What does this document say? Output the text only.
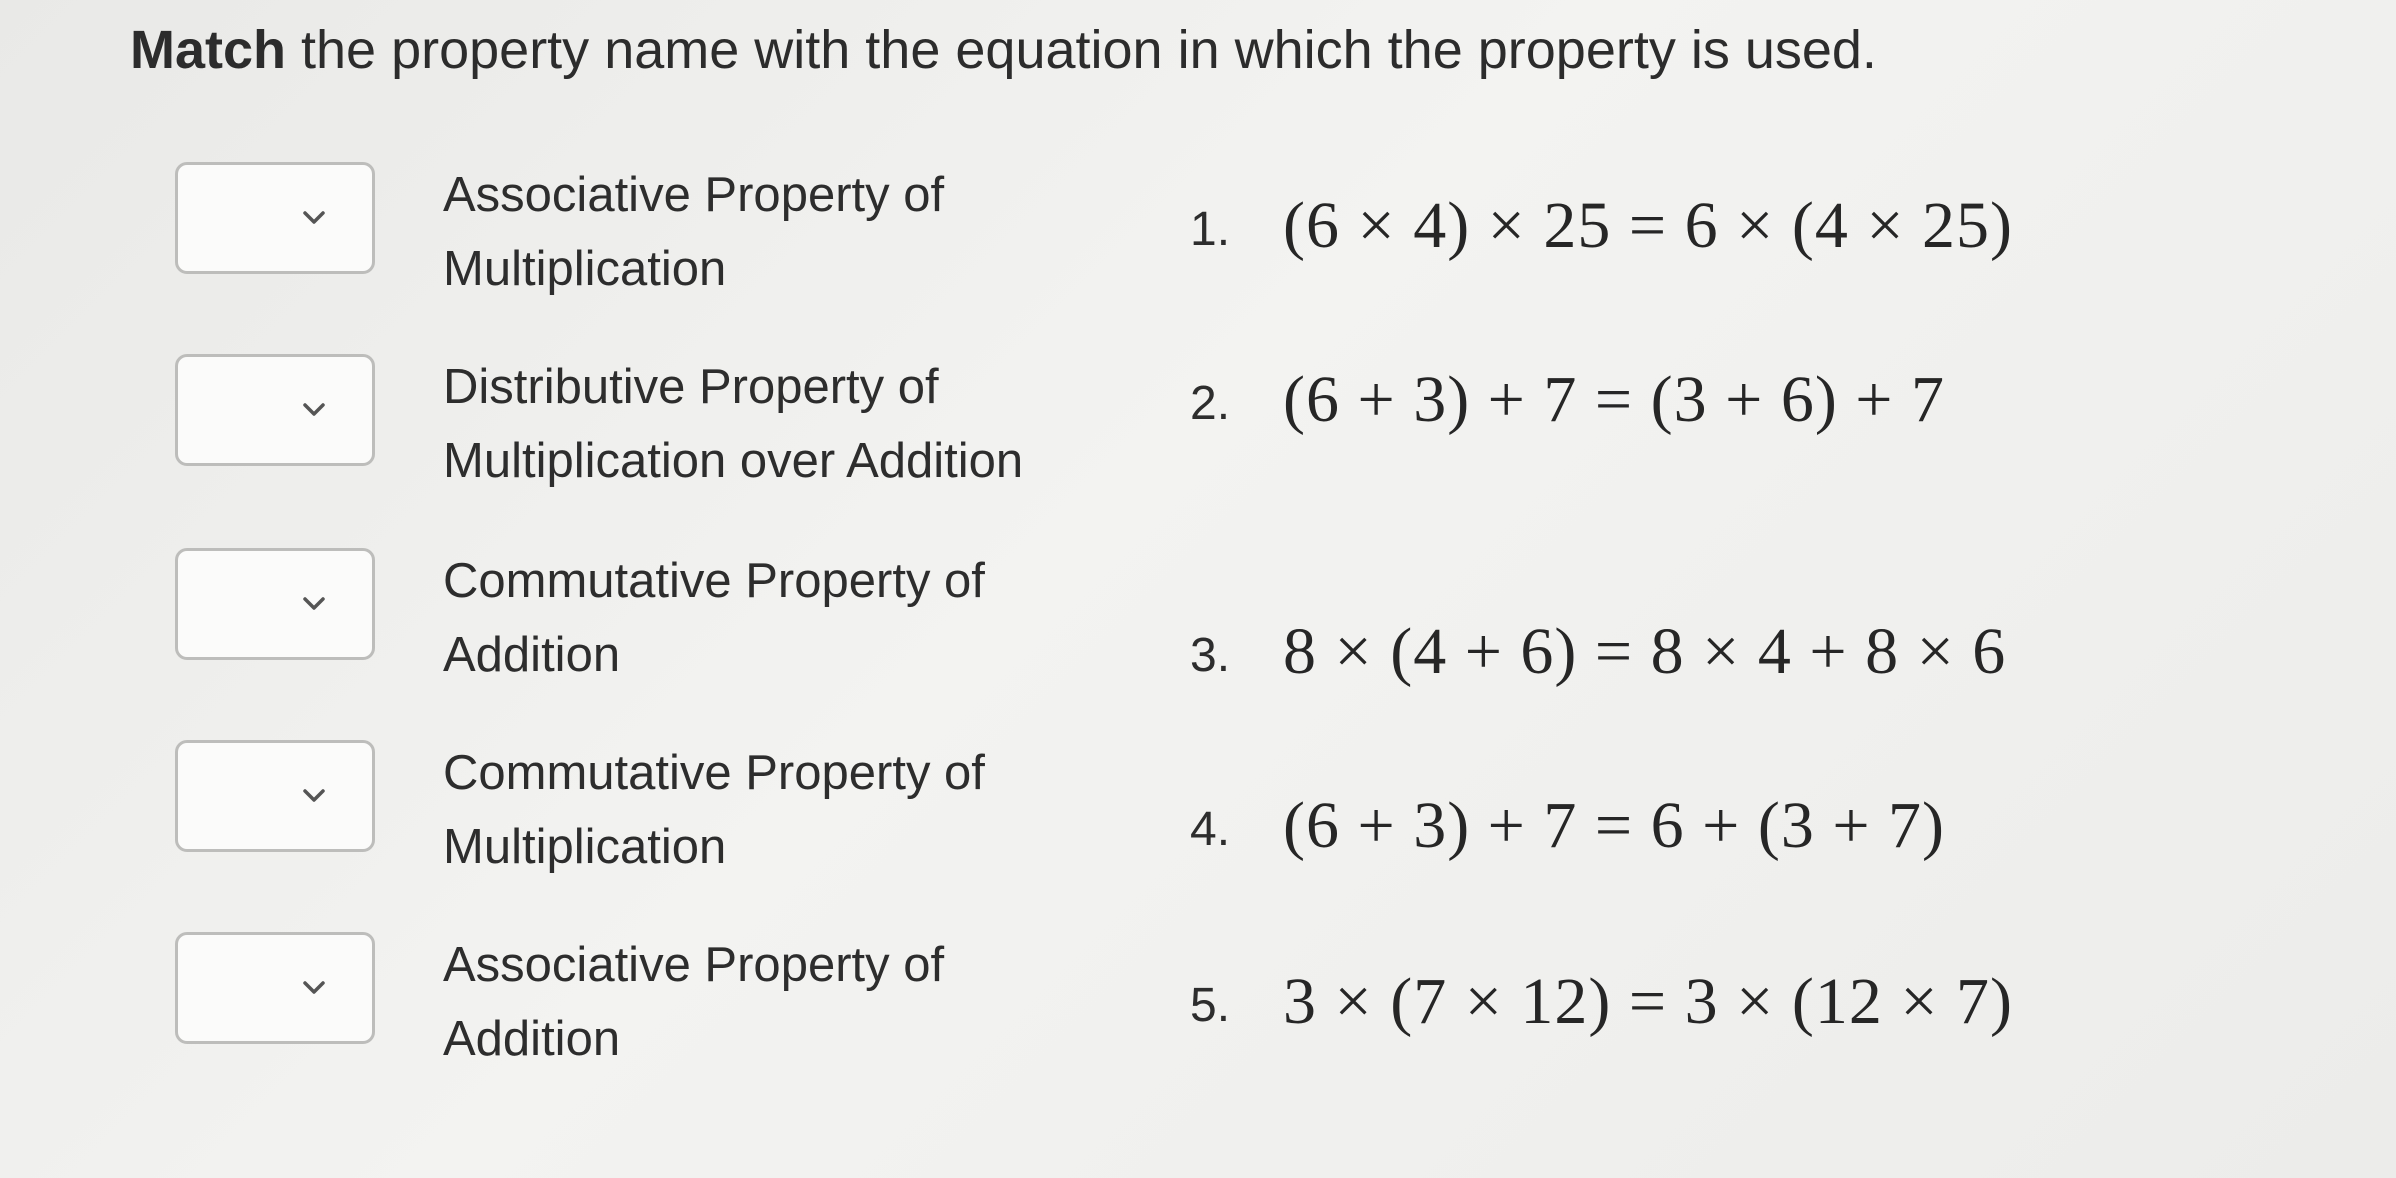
Match the property name with the equation in which the property is used.
Associative Property of
Multiplication
1. (6 × 4) × 25 = 6 × (4 × 25)
Distributive Property of
Multiplication over Addition
2. (6 + 3) + 7 = (3 + 6) + 7
Commutative Property of
Addition	3. 8 × (4 + 6) = 8 × 4 + 8 × 6
Commutative Property of
Multiplication	4. (6 + 3) + 7 = 6 + (3 + 7)
Associative Property of
Addition
5. 3 × (7 × 12) = 3 × (12 × 7)
